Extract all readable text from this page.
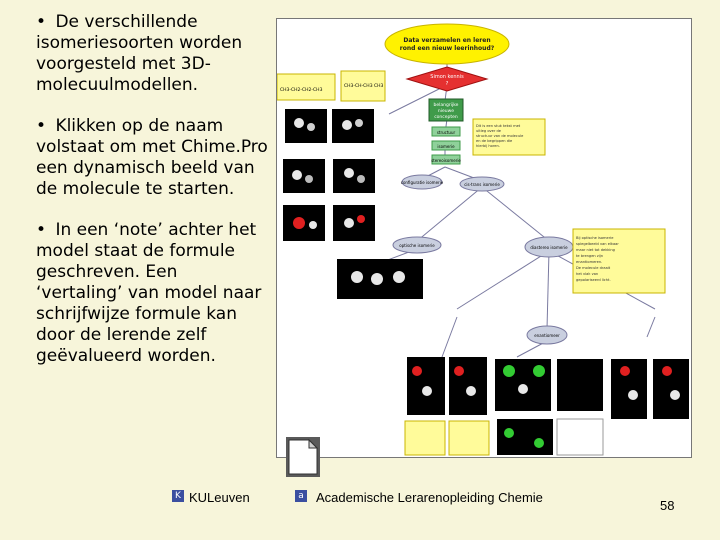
• De verschillende isomeriesoorten worden voorgesteld met 3D-molecuulmodellen.
• Klikken op de naam volstaat om met Chime.Pro een dynamisch beeld van de molecule te starten.
• In een ‘note’ achter het model staat de formule geschreven. Een ‘vertaling’ van model naar schrijfwijze formule kan door de lerende zelf geëvalueerd worden.
Data verzamelen en leren
rond een nieuw leerinhoud?
Simon kennis
?
belangrijke
nieuwe
concepten
structuur
isomerie
stereoisomerie
configuratie isomerie	cis-trans isomerie
optische isomerie	diastereo isomerie
enantiomeer
CH3-CH2-CH2-CH3
CH3-CH-CH3 CH3
Dit is een stuk tekst met uitleg over de structuur van de molecule en de begrippen die hierbij horen.
Bij optische isomerie spiegelbeeld van elkaar maar niet tot dekking te brengen zijn enantiomeren. De molecule draait het vlak van gepolariseerd licht.
K KULeuven	a Academische Lerarenopleiding Chemie
58
